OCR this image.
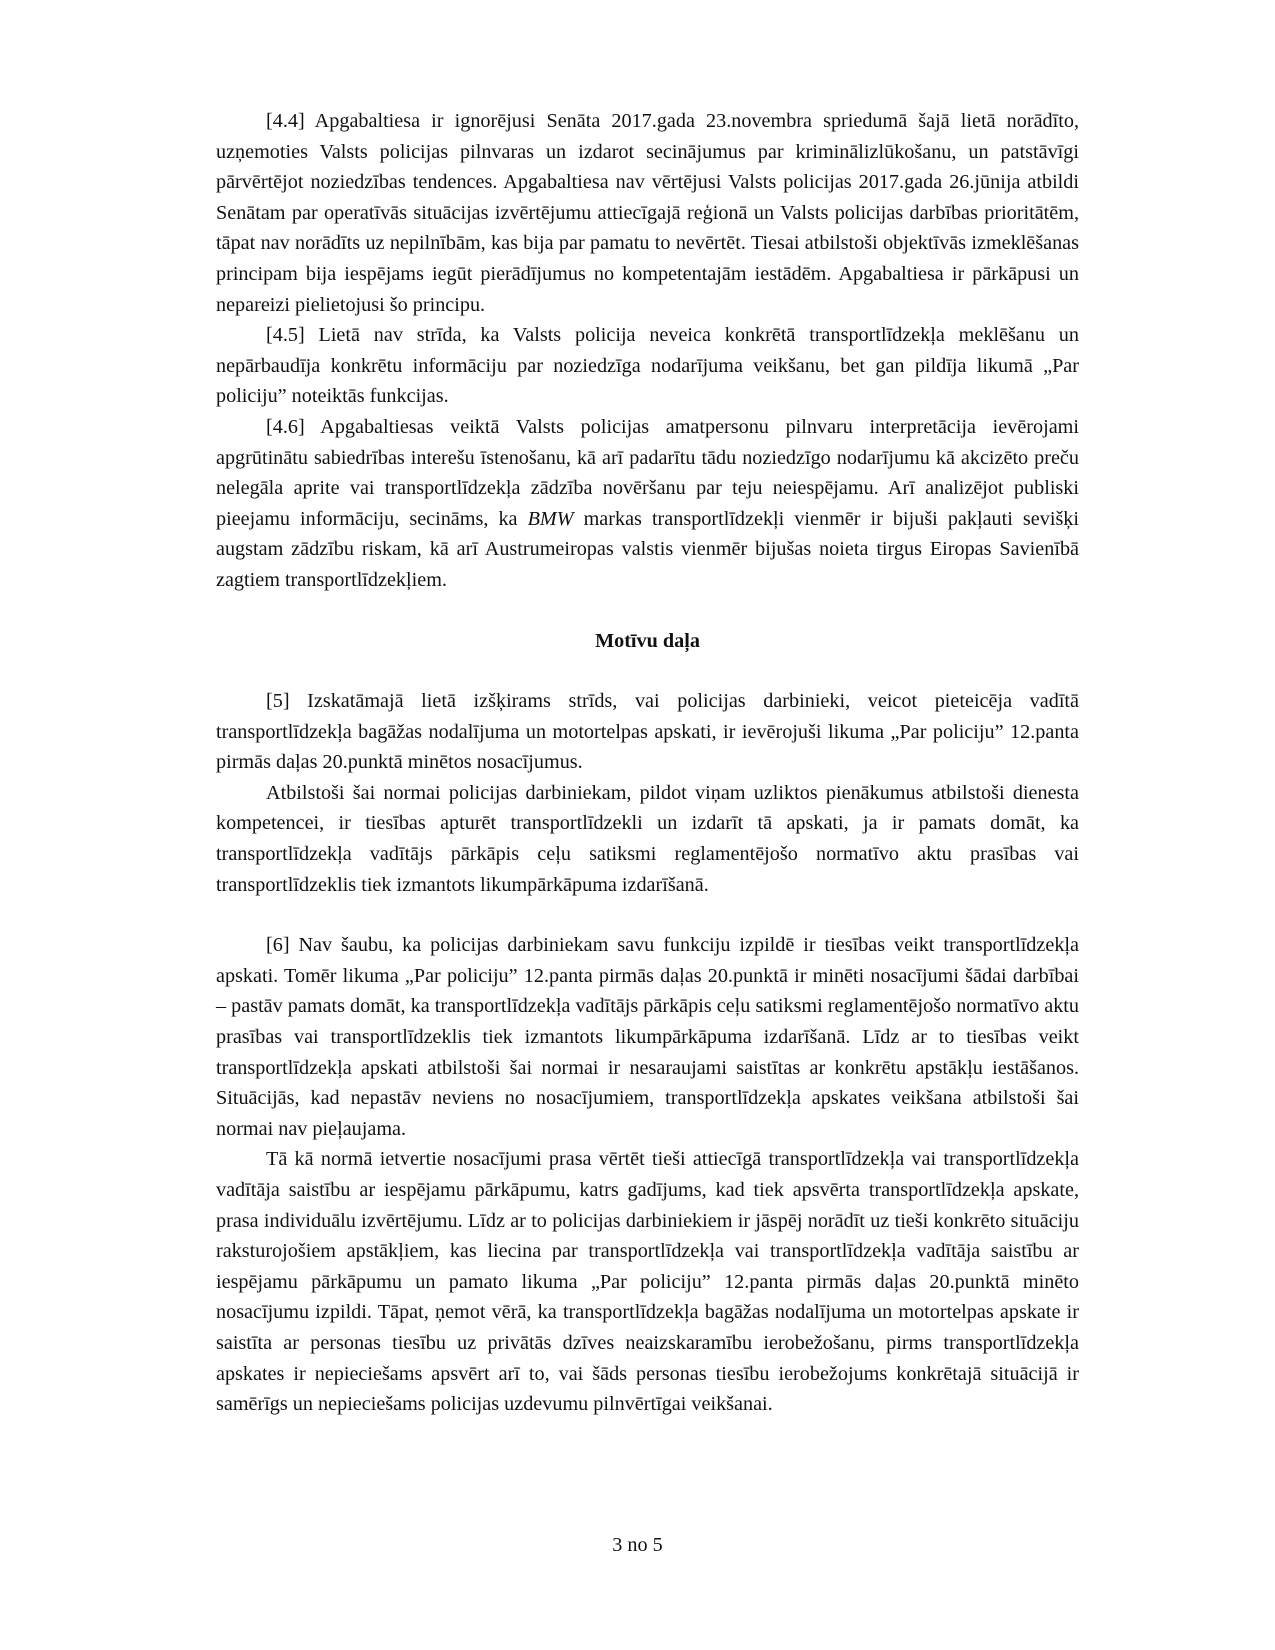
[4.4] Apgabaltiesa ir ignorējusi Senāta 2017.gada 23.novembra spriedumā šajā lietā norādīto, uzņemoties Valsts policijas pilnvaras un izdarot secinājumus par kriminālizlūkošanu, un patstāvīgi pārvērtējot noziedzības tendences. Apgabaltiesa nav vērtējusi Valsts policijas 2017.gada 26.jūnija atbildi Senātam par operatīvās situācijas izvērtējumu attiecīgajā reģionā un Valsts policijas darbības prioritātēm, tāpat nav norādīts uz nepilnībām, kas bija par pamatu to nevērtēt. Tiesai atbilstoši objektīvās izmeklēšanas principam bija iespējams iegūt pierādījumus no kompetentajām iestādēm. Apgabaltiesa ir pārkāpusi un nepareizi pielietojusi šo principu.

[4.5] Lietā nav strīda, ka Valsts policija neveica konkrētā transportlīdzekļa meklēšanu un nepārbaudīja konkrētu informāciju par noziedzīga nodarījuma veikšanu, bet gan pildīja likumā „Par policiju” noteiktās funkcijas.

[4.6] Apgabaltiesas veiktā Valsts policijas amatpersonu pilnvaru interpretācija ievērojami apgrūtinātu sabiedrības interešu īstenošanu, kā arī padarītu tādu noziedzīgo nodarījumu kā akcizēto preču nelegāla aprite vai transportlīdzekļa zādzība novēršanu par teju neiespējamu. Arī analizējot publiski pieejamu informāciju, secināms, ka BMW markas transportlīdzekļi vienmēr ir bijuši pakļauti sevišķi augstam zādzību riskam, kā arī Austrumeiropas valstis vienmēr bijušas noieta tirgus Eiropas Savienībā zagtiem transportlīdzekļiem.

Motīvu daļa

[5] Izskatāmajā lietā izšķirams strīds, vai policijas darbinieki, veicot pieteicēja vadītā transportlīdzekļa bagāžas nodalījuma un motortelpas apskati, ir ievērojuši likuma „Par policiju” 12.panta pirmās daļas 20.punktā minētos nosacījumus.

Atbilstoši šai normai policijas darbiniekam, pildot viņam uzliktos pienākumus atbilstoši dienesta kompetencei, ir tiesības apturēt transportlīdzekli un izdarīt tā apskati, ja ir pamats domāt, ka transportlīdzekļa vadītājs pārkāpis ceļu satiksmi reglamentējošo normatīvo aktu prasības vai transportlīdzeklis tiek izmantots likumpārkāpuma izdarīšanā.

[6] Nav šaubu, ka policijas darbiniekam savu funkciju izpildē ir tiesības veikt transportlīdzekļa apskati. Tomēr likuma „Par policiju” 12.panta pirmās daļas 20.punktā ir minēti nosacījumi šādai darbībai – pastāv pamats domāt, ka transportlīdzekļa vadītājs pārkāpis ceļu satiksmi reglamentējošo normatīvo aktu prasības vai transportlīdzeklis tiek izmantots likumpārkāpuma izdarīšanā. Līdz ar to tiesības veikt transportlīdzekļa apskati atbilstoši šai normai ir nesaraujami saistītas ar konkrētu apstākļu iestāšanos. Situācijās, kad nepastāv neviens no nosacījumiem, transportlīdzekļa apskates veikšana atbilstoši šai normai nav pieļaujama.

Tā kā normā ietvertie nosacījumi prasa vērtēt tieši attiecīgā transportlīdzekļa vai transportlīdzekļa vadītāja saistību ar iespējamu pārkāpumu, katrs gadījums, kad tiek apsvērta transportlīdzekļa apskate, prasa individuālu izvērtējumu. Līdz ar to policijas darbiniekiem ir jāspēj norādīt uz tieši konkrēto situāciju raksturojošiem apstākļiem, kas liecina par transportlīdzekļa vai transportlīdzekļa vadītāja saistību ar iespējamu pārkāpumu un pamato likuma „Par policiju” 12.panta pirmās daļas 20.punktā minēto nosacījumu izpildi. Tāpat, ņemot vērā, ka transportlīdzekļa bagāžas nodalījuma un motortelpas apskate ir saistīta ar personas tiesību uz privātās dzīves neaizskaramību ierobežošanu, pirms transportlīdzekļa apskates ir nepieciešams apsvērt arī to, vai šāds personas tiesību ierobežojums konkrētajā situācijā ir samērīgs un nepieciešams policijas uzdevumu pilnvērtīgai veikšanai.

3 no 5
